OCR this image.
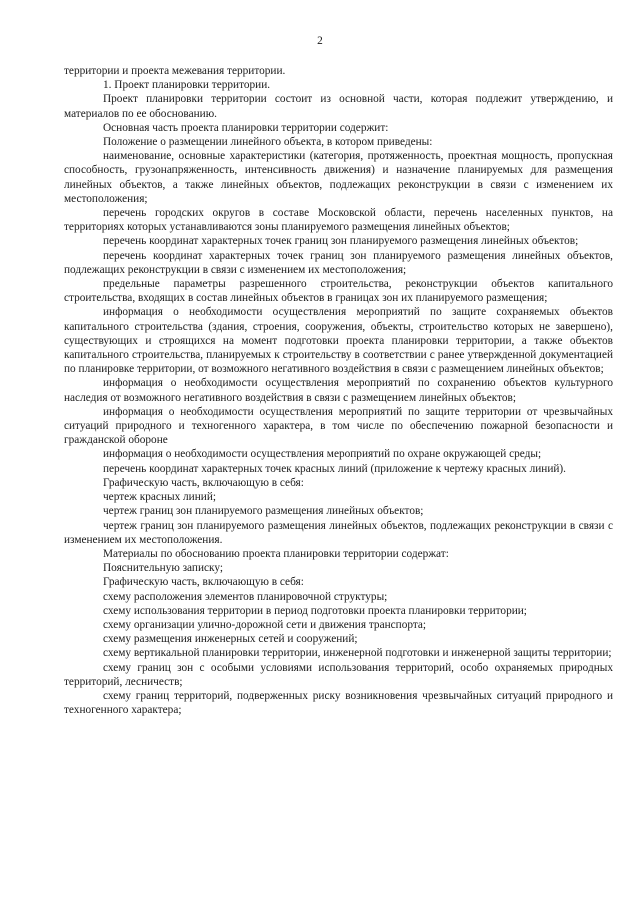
2

территории и проекта межевания территории.

1. Проект планировки территории.

Проект планировки территории состоит из основной части, которая подлежит утверждению, и материалов по ее обоснованию.

Основная часть проекта планировки территории содержит:

Положение о размещении линейного объекта, в котором приведены:

наименование, основные характеристики (категория, протяженность, проектная мощность, пропускная способность, грузонапряженность, интенсивность движения) и назначение планируемых для размещения линейных объектов, а также линейных объектов, подлежащих реконструкции в связи с изменением их местоположения;

перечень городских округов в составе Московской области, перечень населенных пунктов, на территориях которых устанавливаются зоны планируемого размещения линейных объектов;

перечень координат характерных точек границ зон планируемого размещения линейных объектов;

перечень координат характерных точек границ зон планируемого размещения линейных объектов, подлежащих реконструкции в связи с изменением их местоположения;

предельные параметры разрешенного строительства, реконструкции объектов капитального строительства, входящих в состав линейных объектов в границах зон их планируемого размещения;

информация о необходимости осуществления мероприятий по защите сохраняемых объектов капитального строительства (здания, строения, сооружения, объекты, строительство которых не завершено), существующих и строящихся на момент подготовки проекта планировки территории, а также объектов капитального строительства, планируемых к строительству в соответствии с ранее утвержденной документацией по планировке территории, от возможного негативного воздействия в связи с размещением линейных объектов;

информация о необходимости осуществления мероприятий по сохранению объектов культурного наследия от возможного негативного воздействия в связи с размещением линейных объектов;

информация о необходимости осуществления мероприятий по защите территории от чрезвычайных ситуаций природного и техногенного характера, в том числе по обеспечению пожарной безопасности и гражданской обороне

информация о необходимости осуществления мероприятий по охране окружающей среды;

перечень координат характерных точек красных линий (приложение к чертежу красных линий).

Графическую часть, включающую в себя:

чертеж красных линий;

чертеж границ зон планируемого размещения линейных объектов;

чертеж границ зон планируемого размещения линейных объектов, подлежащих реконструкции в связи с изменением их местоположения.

Материалы по обоснованию проекта планировки территории содержат:

Пояснительную записку;

Графическую часть, включающую в себя:

схему расположения элементов планировочной структуры;

схему использования территории в период подготовки проекта планировки территории;

схему организации улично-дорожной сети и движения транспорта;

схему размещения инженерных сетей и сооружений;

схему вертикальной планировки территории, инженерной подготовки и инженерной защиты территории;

схему границ зон с особыми условиями использования территорий, особо охраняемых природных территорий, лесничеств;

схему границ территорий, подверженных риску возникновения чрезвычайных ситуаций природного и техногенного характера;
